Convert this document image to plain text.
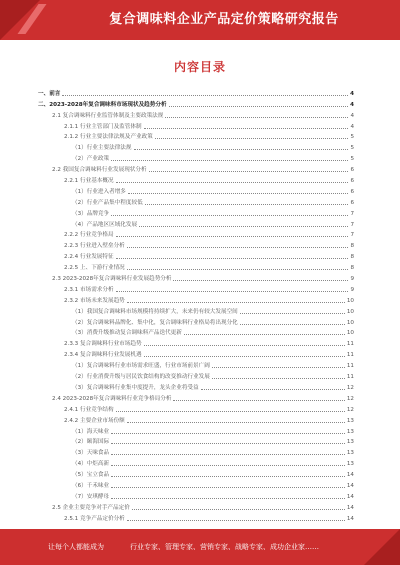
复合调味料企业产品定价策略研究报告
内容目录
一、前言	4
二、2023-2028年复合调味料市场现状及趋势分析	4
2.1 复合调味料行业监管体制及主要政策法规	4
2.1.1 行业主管部门及监管体制	4
2.1.2 行业主要法律法规及产业政策	5
（1）行业主要法律法规	5
（2）产业政策	5
2.2 我国复合调味料行业发展现状分析	6
2.2.1 行业基本概况	6
（1）行业进入者增多	6
（2）行业产品集中程度较低	6
（3）品牌竞争	7
（4）产品地区区域化发展	7
2.2.2 行业竞争格局	7
2.2.3 行业进入壁垒分析	8
2.2.4 行业发展特征	8
2.2.5 上、下游行业情况	8
2.3 2023-2028年复合调味料行业发展趋势分析	9
2.3.1 市场需求分析	9
2.3.2 市场未来发展趋势	10
（1）我国复合调味料市场规模将持续扩大，未来仍有较大发展空间	10
（2）复合调味料品牌化、集中化，复合调味料行业格局将出现分化	10
（3）消费升级推动复合调味料产品迭代更新	10
2.3.3 复合调味料行业市场趋势	11
2.3.4 复合调味料行业发展机遇	11
（1）复合调味料行业市场需求旺盛，行业市场前景广阔	11
（2）行业消费升级与居民饮食结构的改变推动行业发展	11
（3）复合调味料行业集中度提升，龙头企业将受益	12
2.4 2023-2028年复合调味料行业竞争格局分析	12
2.4.1 行业竞争结构	12
2.4.2 主要企业市场份额	13
（1）海天味业	13
（2）颐海国际	13
（3）天味食品	13
（4）中炬高新	13
（5）宝立食品	14
（6）千禾味业	14
（7）安琪酵母	14
2.5 企业主要竞争对手产品定价	14
2.5.1 竞争产品定价分析	14
让每个人都能成为	行业专家、管理专家、营销专家、战略专家、成功企业家……
